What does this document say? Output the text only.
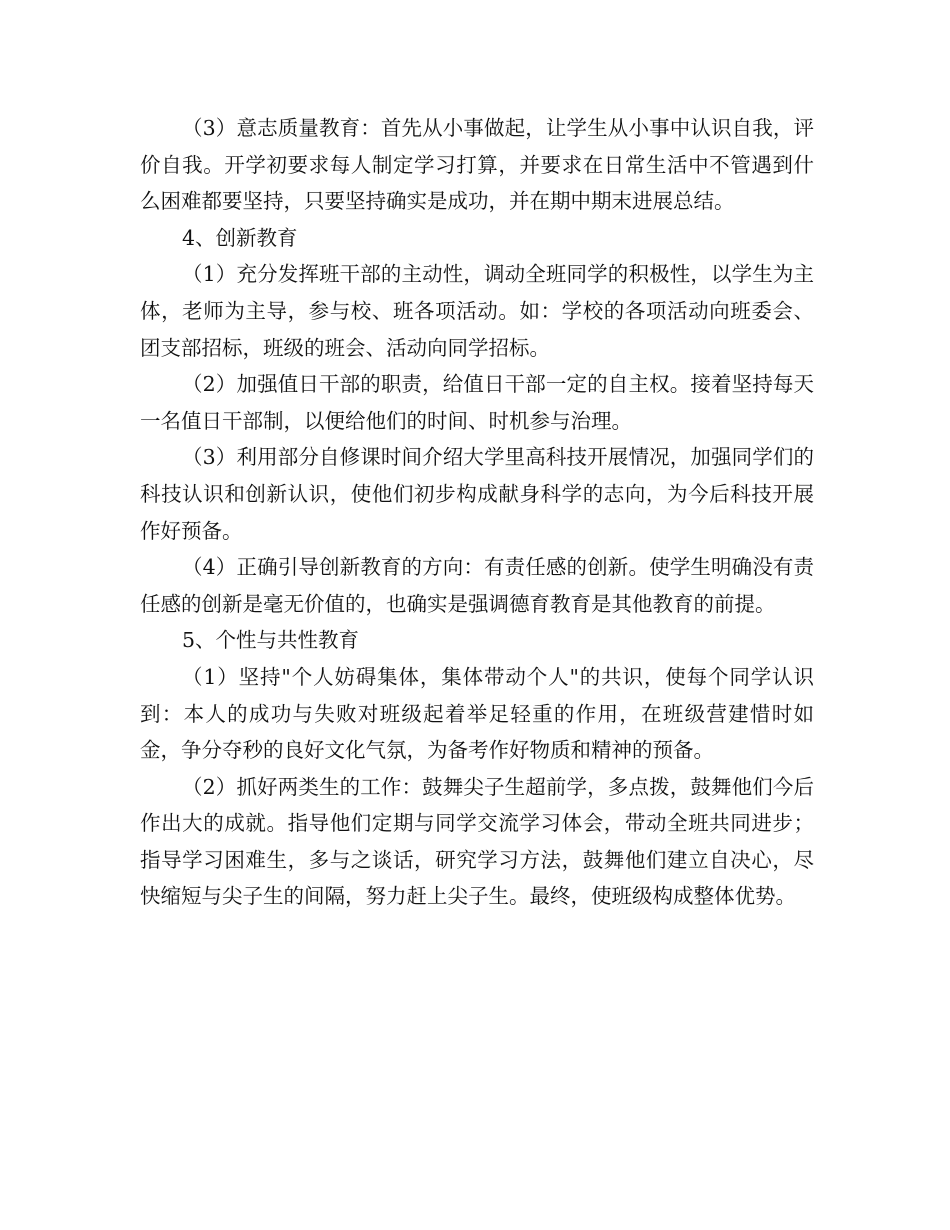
（3）意志质量教育：首先从小事做起，让学生从小事中认识自我，评价自我。开学初要求每人制定学习打算，并要求在日常生活中不管遇到什么困难都要坚持，只要坚持确实是成功，并在期中期末进展总结。

4、创新教育

（1）充分发挥班干部的主动性，调动全班同学的积极性，以学生为主体，老师为主导，参与校、班各项活动。如：学校的各项活动向班委会、团支部招标，班级的班会、活动向同学招标。

（2）加强值日干部的职责，给值日干部一定的自主权。接着坚持每天一名值日干部制，以便给他们的时间、时机参与治理。

（3）利用部分自修课时间介绍大学里高科技开展情况，加强同学们的科技认识和创新认识，使他们初步构成献身科学的志向，为今后科技开展作好预备。

（4）正确引导创新教育的方向：有责任感的创新。使学生明确没有责任感的创新是毫无价值的，也确实是强调德育教育是其他教育的前提。

5、个性与共性教育

（1）坚持"个人妨碍集体，集体带动个人"的共识，使每个同学认识到：本人的成功与失败对班级起着举足轻重的作用，在班级营建惜时如金，争分夺秒的良好文化气氛，为备考作好物质和精神的预备。

（2）抓好两类生的工作：鼓舞尖子生超前学，多点拨，鼓舞他们今后作出大的成就。指导他们定期与同学交流学习体会，带动全班共同进步；指导学习困难生，多与之谈话，研究学习方法，鼓舞他们建立自决心，尽快缩短与尖子生的间隔，努力赶上尖子生。最终，使班级构成整体优势。
